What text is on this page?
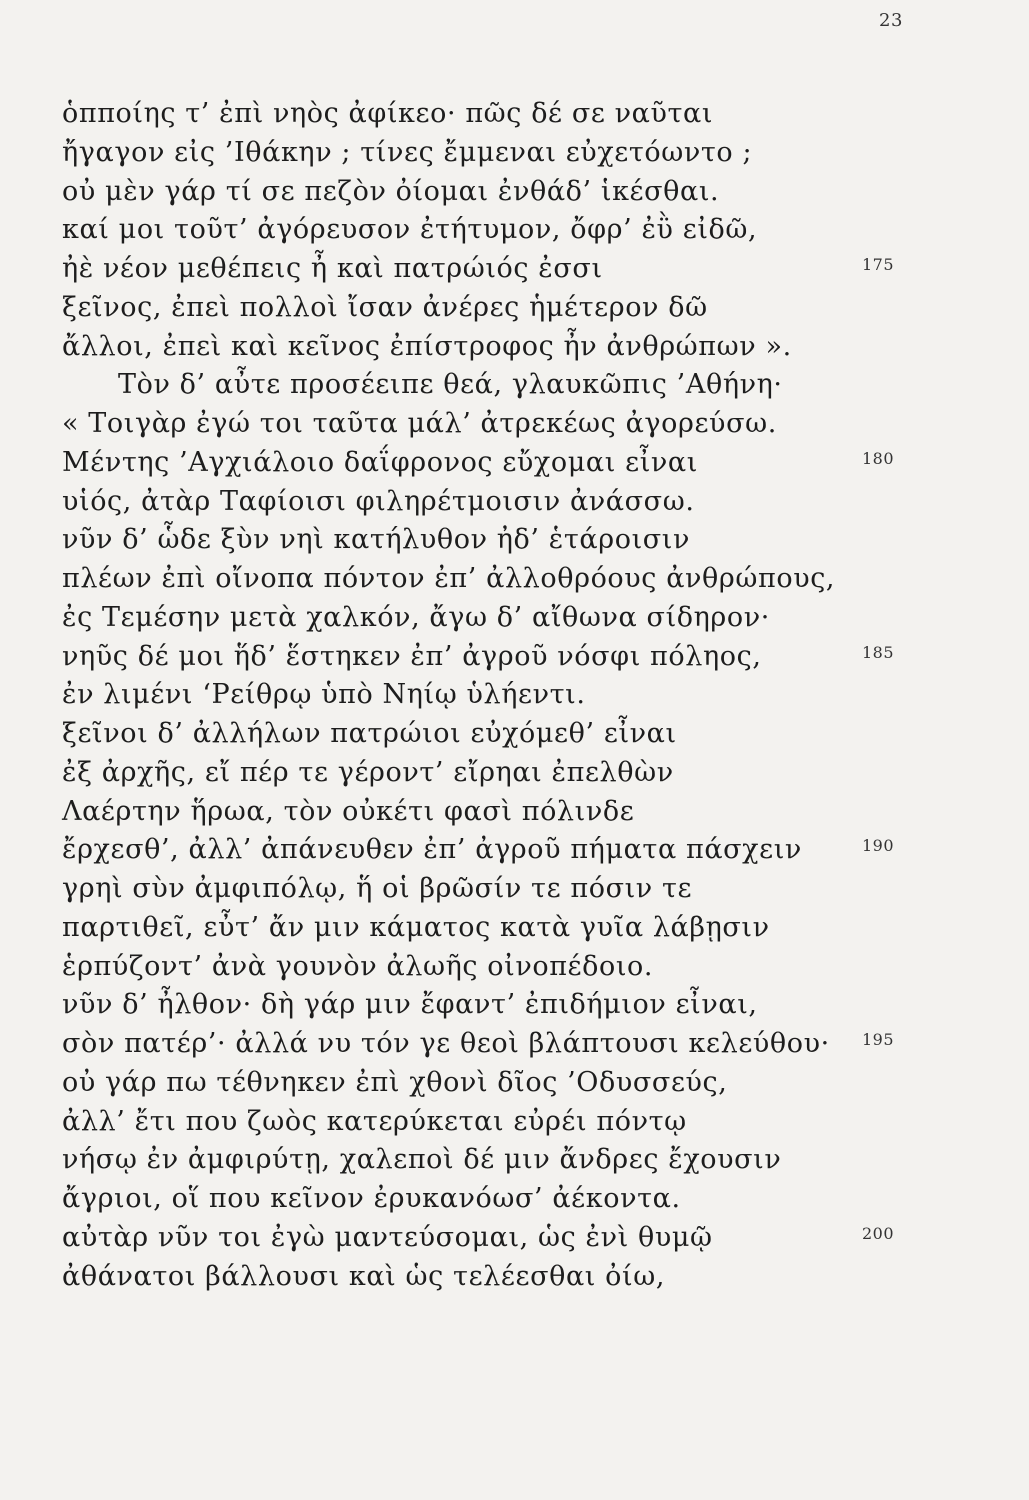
23
ὁπποίης τ’ ἐπὶ νηὸς ἀφίκεο· πῶς δέ σε ναῦται
ἤγαγον εἰς ’Ιθάκην ; τίνες ἔμμεναι εὐχετόωντο ;
οὐ μὲν γάρ τί σε πεζὸν ὀίομαι ἐνθάδ’ ἱκέσθαι.
καί μοι τοῦτ’ ἀγόρευσον ἐτήτυμον, ὄφρ’ ἐῢ εἰδῶ,
ἠὲ νέον μεθέπεις ἦ καὶ πατρώιός ἐσσι	175
ξεῖνος, ἐπεὶ πολλοὶ ἴσαν ἀνέρες ἡμέτερον δῶ
ἄλλοι, ἐπεὶ καὶ κεῖνος ἐπίστροφος ἦν ἀνθρώπων ».
Τὸν δ’ αὖτε προσέειπε θεά, γλαυκῶπις ’Αθήνη·
« Τοιγὰρ ἐγώ τοι ταῦτα μάλ’ ἀτρεκέως ἀγορεύσω.
Μέντης ’Αγχιάλοιο δαΐφρονος εὔχομαι εἶναι	180
υἱός, ἀτὰρ Ταφίοισι φιληρέτμοισιν ἀνάσσω.
νῦν δ’ ὧδε ξὺν νηὶ κατήλυθον ἠδ’ ἑτάροισιν
πλέων ἐπὶ οἴνοπα πόντον ἐπ’ ἀλλοθρόους ἀνθρώπους,
ἐς Τεμέσην μετὰ χαλκόν, ἄγω δ’ αἴθωνα σίδηρον·
νηῦς δέ μοι ἥδ’ ἕστηκεν ἐπ’ ἀγροῦ νόσφι πόληος,	185
ἐν λιμένι ‘Ρείθρῳ ὑπὸ Νηίῳ ὑλήεντι.
ξεῖνοι δ’ ἀλλήλων πατρώιοι εὐχόμεθ’ εἶναι
ἐξ ἀρχῆς, εἴ πέρ τε γέροντ’ εἴρηαι ἐπελθὼν
Λαέρτην ἥρωα, τὸν οὐκέτι φασὶ πόλινδε
ἔρχεσθ’, ἀλλ’ ἀπάνευθεν ἐπ’ ἀγροῦ πήματα πάσχειν	190
γρηὶ σὺν ἀμφιπόλῳ, ἥ οἱ βρῶσίν τε πόσιν τε
παρτιθεῖ, εὖτ’ ἄν μιν κάματος κατὰ γυῖα λάβῃσιν
ἑρπύζοντ’ ἀνὰ γουνὸν ἀλωῆς οἰνοπέδοιο.
νῦν δ’ ἦλθον· δὴ γάρ μιν ἔφαντ’ ἐπιδήμιον εἶναι,
σὸν πατέρ’· ἀλλά νυ τόν γε θεοὶ βλάπτουσι κελεύθου· 195
οὐ γάρ πω τέθνηκεν ἐπὶ χθονὶ δῖος ’Οδυσσεύς,
ἀλλ’ ἔτι που ζωὸς κατερύκεται εὐρέι πόντῳ
νήσῳ ἐν ἀμφιρύτῃ, χαλεποὶ δέ μιν ἄνδρες ἔχουσιν
ἄγριοι, οἵ που κεῖνον ἐρυκανόωσ’ ἀέκοντα.
αὐτὰρ νῦν τοι ἐγὼ μαντεύσομαι, ὡς ἐνὶ θυμῷ	200
ἀθάνατοι βάλλουσι καὶ ὡς τελέεσθαι ὀίω,
